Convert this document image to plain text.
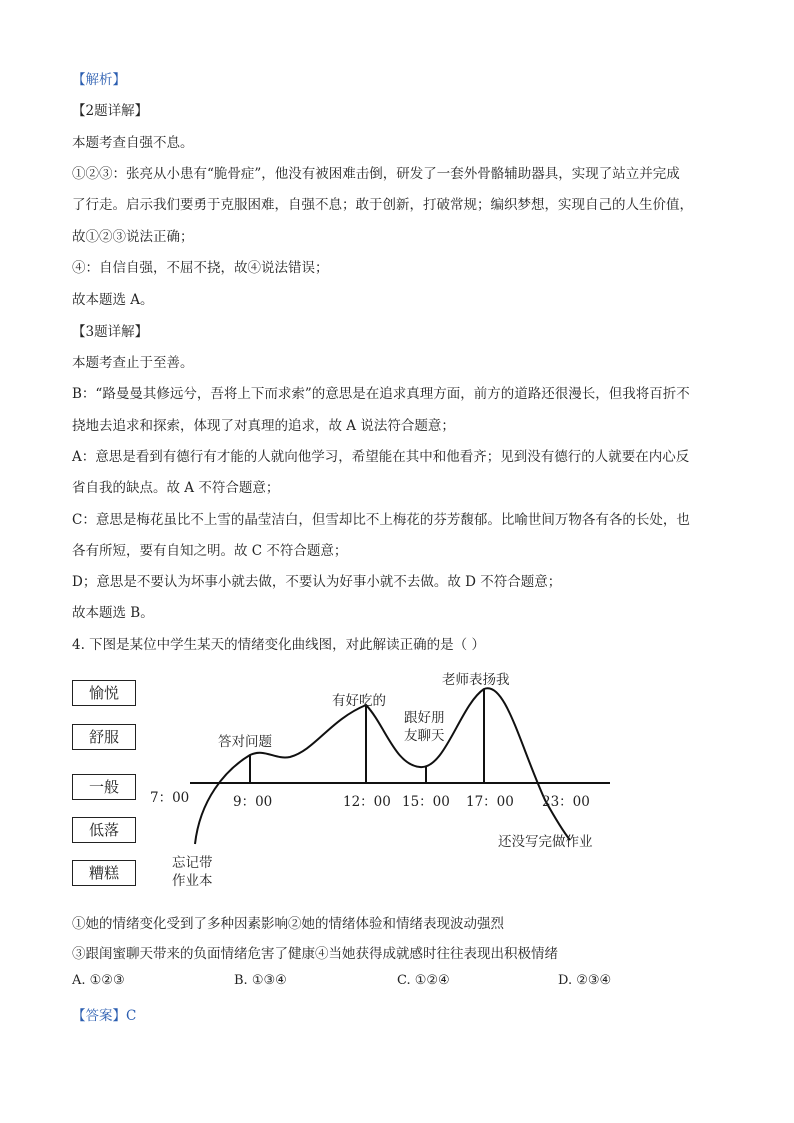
【解析】
【2题详解】
本题考查自强不息。
①②③：张亮从小患有“脆骨症”，他没有被困难击倒，研发了一套外骨骼辅助器具，实现了站立并完成
了行走。启示我们要勇于克服困难，自强不息；敢于创新，打破常规；编织梦想，实现自己的人生价值，
故①②③说法正确；
④：自信自强，不屈不挠，故④说法错误；
故本题选 A。
【3题详解】
本题考查止于至善。
B：“路曼曼其修远兮，吾将上下而求索”的意思是在追求真理方面，前方的道路还很漫长，但我将百折不
挠地去追求和探索，体现了对真理的追求，故 A 说法符合题意；
A：意思是看到有德行有才能的人就向他学习，希望能在其中和他看齐；见到没有德行的人就要在内心反
省自我的缺点。故 A 不符合题意；
C：意思是梅花虽比不上雪的晶莹洁白，但雪却比不上梅花的芬芳馥郁。比喻世间万物各有各的长处，也
各有所短，要有自知之明。故 C 不符合题意；
D；意思是不要认为坏事小就去做，不要认为好事小就不去做。故 D 不符合题意；
故本题选 B。
4. 下图是某位中学生某天的情绪变化曲线图，对此解读正确的是（ ）
愉悦
舒服
一般
低落
糟糕
7：00	9：00	12：00 15：00 17：00 23：00
答对问题
有好吃的
跟好朋
友聊天
老师表扬我
忘记带
作业本
还没写完做作业
①她的情绪变化受到了多种因素影响②她的情绪体验和情绪表现波动强烈
③跟闺蜜聊天带来的负面情绪危害了健康④当她获得成就感时往往表现出积极情绪
A. ①②③	B. ①③④	C. ①②④	D. ②③④
【答案】C
